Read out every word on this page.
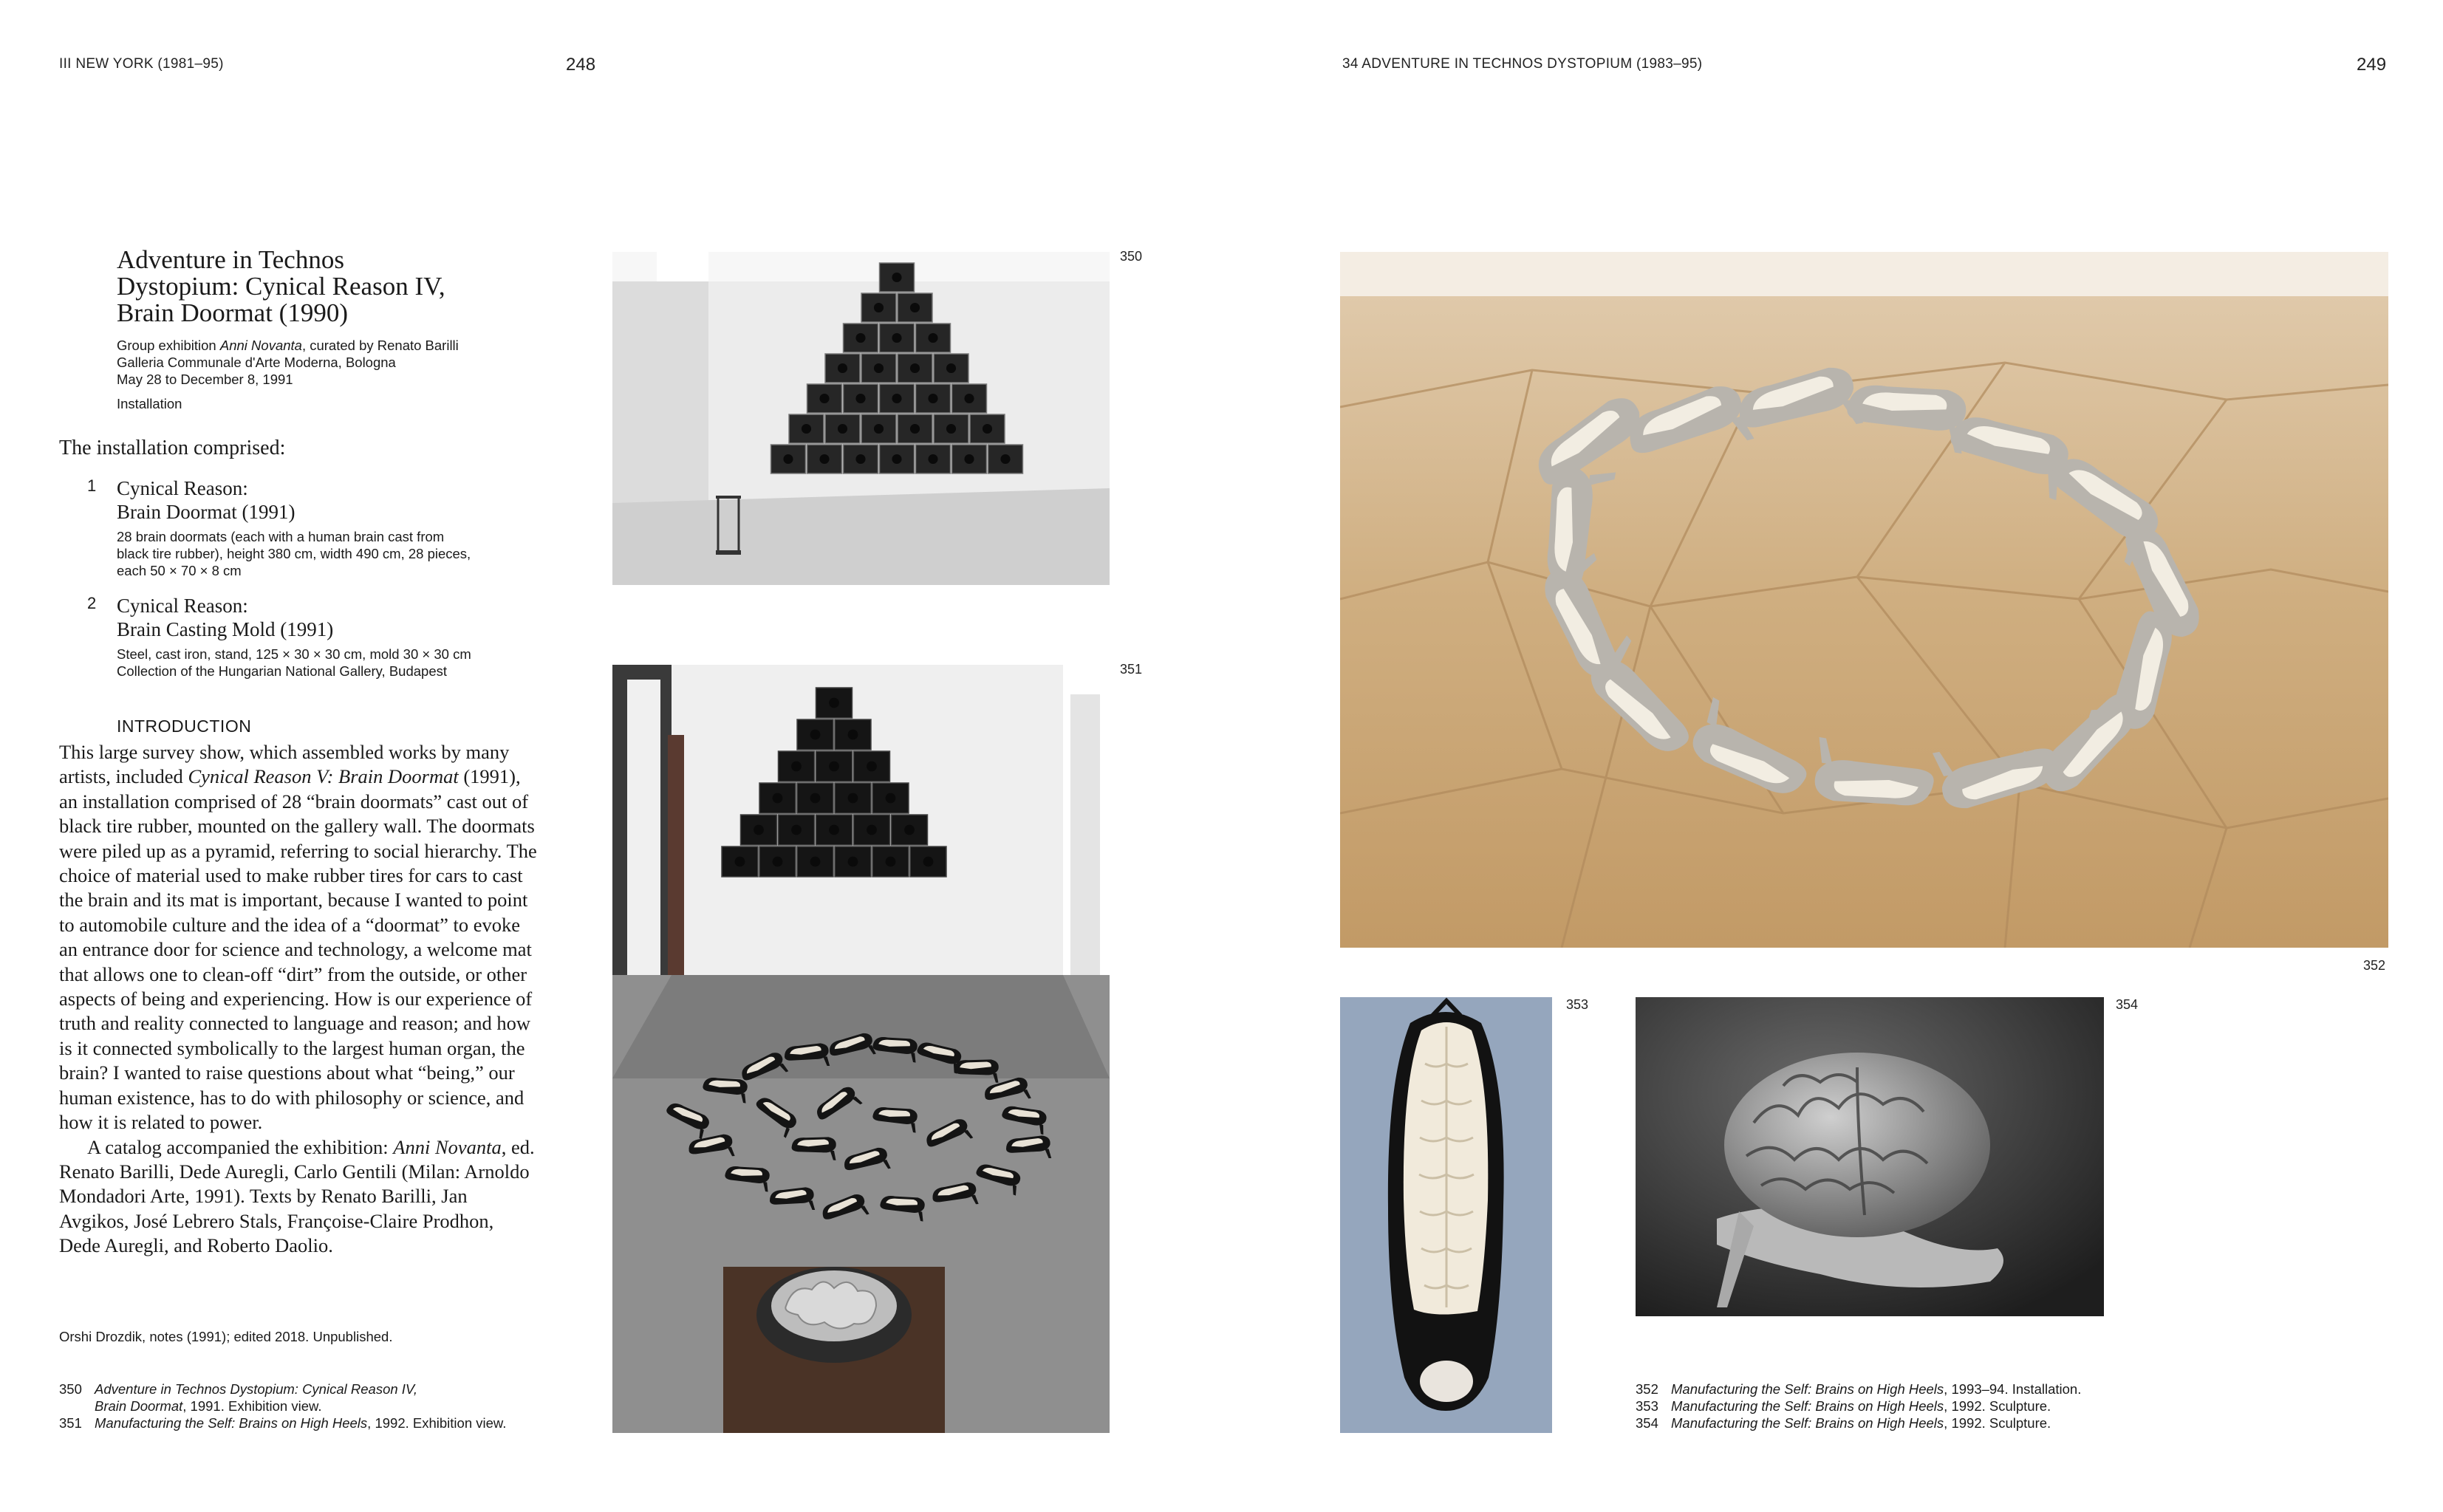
III NEW YORK (1981–95)	248	34 ADVENTURE IN TECHNOS DYSTOPIUM (1983–95)	249
Adventure in Technos
Dystopium: Cynical Reason IV,
Brain Doormat (1990)
Group exhibition Anni Novanta, curated by Renato Barilli
Galleria Communale d'Arte Moderna, Bologna
May 28 to December 8, 1991
Installation
The installation comprised:
1 Cynical Reason:
Brain Doormat (1991)
28 brain doormats (each with a human brain cast from
black tire rubber), height 380 cm, width 490 cm, 28 pieces,
each 50 × 70 × 8 cm
2 Cynical Reason:
Brain Casting Mold (1991)
Steel, cast iron, stand, 125 × 30 × 30 cm, mold 30 × 30 cm
Collection of the Hungarian National Gallery, Budapest
INTRODUCTION

This large survey show, which assembled works by many artists, included Cynical Reason V: Brain Doormat (1991), an installation comprised of 28 “brain doormats” cast out of black tire rubber, mounted on the gallery wall. The doormats were piled up as a pyramid, referring to social hierarchy. The choice of material used to make rubber tires for cars to cast the brain and its mat is important, because I wanted to point to automobile culture and the idea of a “doormat” to evoke an entrance door for science and technology, a welcome mat that allows one to clean-off “dirt” from the outside, or other aspects of being and experiencing. How is our experience of truth and reality connected to language and reason; and how is it connected symbolically to the largest human organ, the brain? I wanted to raise questions about what “being,” our human existence, has to do with philosophy or science, and how it is related to power.

A catalog accompanied the exhibition: Anni Novanta, ed. Renato Barilli, Dede Auregli, Carlo Gentili (Milan: Arnoldo Mondadori Arte, 1991). Texts by Renato Barilli, Jan Avgikos, José Lebrero Stals, Françoise-Claire Prodhon, Dede Auregli, and Roberto Daolio.

Orshi Drozdik, notes (1991); edited 2018. Unpublished.
350 Adventure in Technos Dystopium: Cynical Reason IV,
Brain Doormat, 1991. Exhibition view.
351 Manufacturing the Self: Brains on High Heels, 1992. Exhibition view.
352 Manufacturing the Self: Brains on High Heels, 1993–94. Installation.
353 Manufacturing the Self: Brains on High Heels, 1992. Sculpture.
354 Manufacturing the Self: Brains on High Heels, 1992. Sculpture.
350
351
352
353	354
